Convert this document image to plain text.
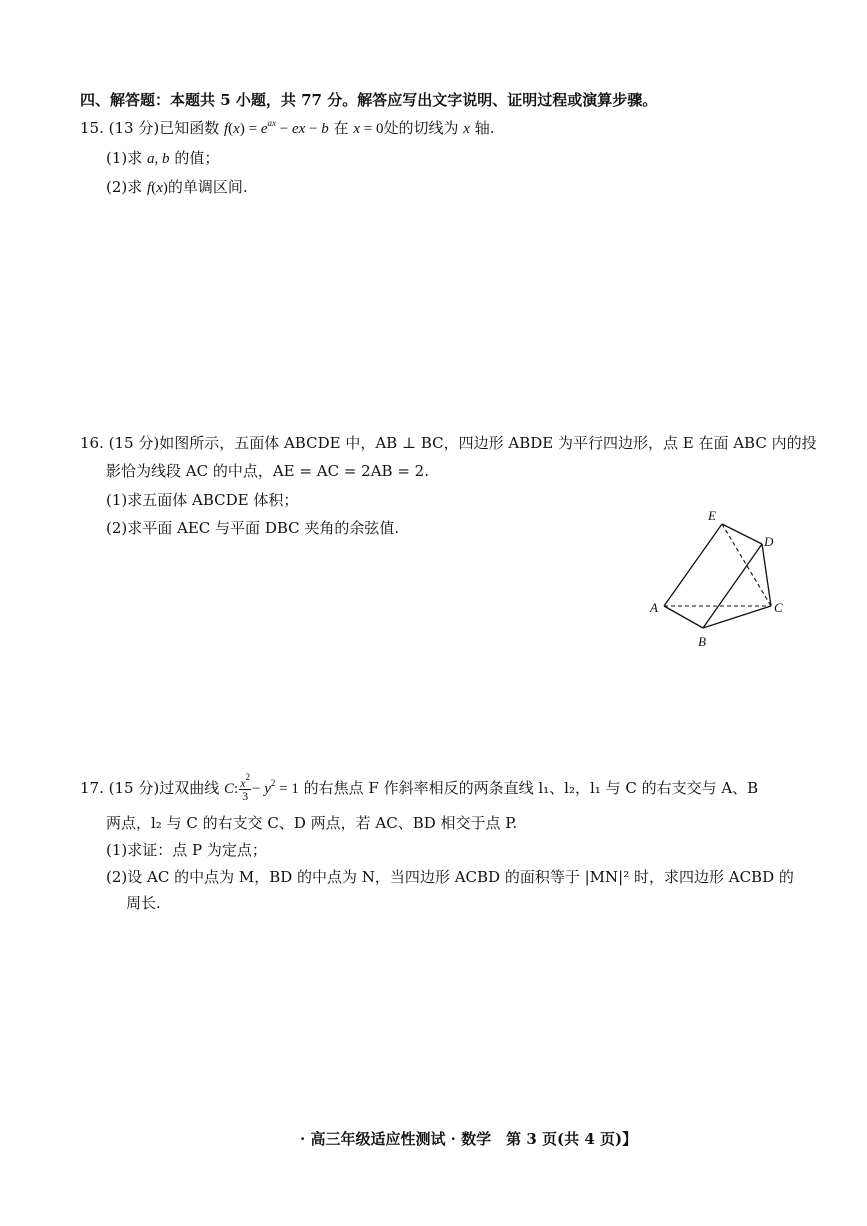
四、解答题：本题共 5 小题，共 77 分。解答应写出文字说明、证明过程或演算步骤。
15. (13 分)已知函数 $f(x) = e^{ax}$ − ex − b 在 x = 0处的切线为 x 轴.
(1)求 a, b 的值；
(2)求 f(x)的单调区间.
16. (15 分)如图所示，五面体 ABCDE 中，AB ⊥ BC，四边形 ABDE 为平行四边形，点 E 在面 ABC 内的投
影恰为线段 AC 的中点，AE = AC = 2AB = 2.
(1)求五面体 ABCDE 体积；
(2)求平面 AEC 与平面 DBC 夹角的余弦值.
E
D
A
B
C
17. (15 分)过双曲线 C: $\frac{x^2}{3} - y^2 = 1$ 的右焦点 F 作斜率相反的两条直线 l₁、l₂，l₁ 与 C 的右支交与 A、B
两点，l₂ 与 C 的右支交 C、D 两点，若 AC、BD 相交于点 P.
(1)求证：点 P 为定点；
(2)设 AC 的中点为 M，BD 的中点为 N，当四边形 ACBD 的面积等于 |MN|² 时，求四边形 ACBD 的
周长.
· 高三年级适应性测试 · 数学　第 3 页(共 4 页)】
